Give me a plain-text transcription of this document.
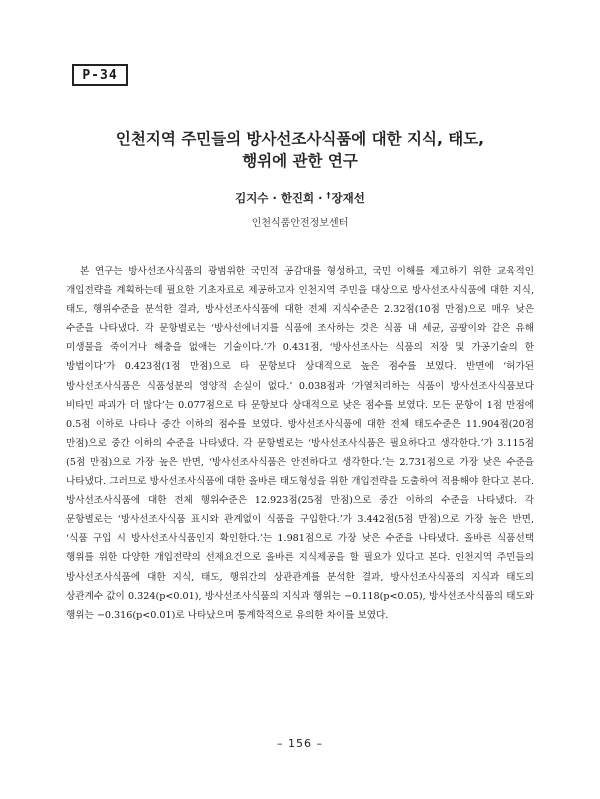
P-34
인천지역 주민들의 방사선조사식품에 대한 지식, 태도,
행위에 관한 연구
김지수 · 한진희 · †장재선
인천식품안전정보센터

본 연구는 방사선조사식품의 광범위한 국민적 공감대를 형성하고, 국민 이해를 제고하기 위한 교육적인 개입전략을 계획하는데 필요한 기초자료로 제공하고자 인천지역 주민을 대상으로 방사선조사식품에 대한 지식, 태도, 행위수준을 분석한 결과, 방사선조사식품에 대한 전체 지식수준은 2.32점(10점 만점)으로 매우 낮은 수준을 나타냈다. 각 문항별로는 ‘방사선에너지를 식품에 조사하는 것은 식품 내 세균, 곰팡이와 같은 유해 미생물을 죽이거나 해충을 없애는 기술이다.’가 0.431점, ‘방사선조사는 식품의 저장 및 가공기술의 한 방법이다’가 0.423점(1점 만점)으로 타 문항보다 상대적으로 높은 점수를 보였다. 반면에 ‘허가된 방사선조사식품은 식품성분의 영양적 손실이 없다.’ 0.038점과 ‘가열처리하는 식품이 방사선조사식품보다 비타민 파괴가 더 많다’는 0.077점으로 타 문항보다 상대적으로 낮은 점수를 보였다. 모든 문항이 1점 만점에 0.5점 이하로 나타나 중간 이하의 점수를 보였다. 방사선조사식품에 대한 전체 태도수준은 11.904점(20점 만점)으로 중간 이하의 수준을 나타냈다. 각 문항별로는 ‘방사선조사식품은 필요하다고 생각한다.’가 3.115점(5점 만점)으로 가장 높은 반면, ‘방사선조사식품은 안전하다고 생각한다.’는 2.731점으로 가장 낮은 수준을 나타냈다. 그러므로 방사선조사식품에 대한 올바른 태도형성을 위한 개입전략을 도출하여 적용해야 한다고 본다. 방사선조사식품에 대한 전체 행위수준은 12.923점(25점 만점)으로 중간 이하의 수준을 나타냈다. 각 문항별로는 ‘방사선조사식품 표시와 관계없이 식품을 구입한다.’가 3.442점(5점 만점)으로 가장 높은 반면, ‘식품 구입 시 방사선조사식품인지 확인한다.’는 1.981점으로 가장 낮은 수준을 나타냈다. 올바른 식품선택 행위를 위한 다양한 개입전략의 선제요건으로 올바른 지식제공을 할 필요가 있다고 본다. 인천지역 주민들의 방사선조사식품에 대한 지식, 태도, 행위간의 상관관계를 분석한 결과, 방사선조사식품의 지식과 태도의 상관계수 값이 0.324(p<0.01), 방사선조사식품의 지식과 행위는 −0.118(p<0.05), 방사선조사식품의 태도와 행위는 −0.316(p<0.01)로 나타났으며 통계학적으로 유의한 차이를 보였다.

– 156 –
